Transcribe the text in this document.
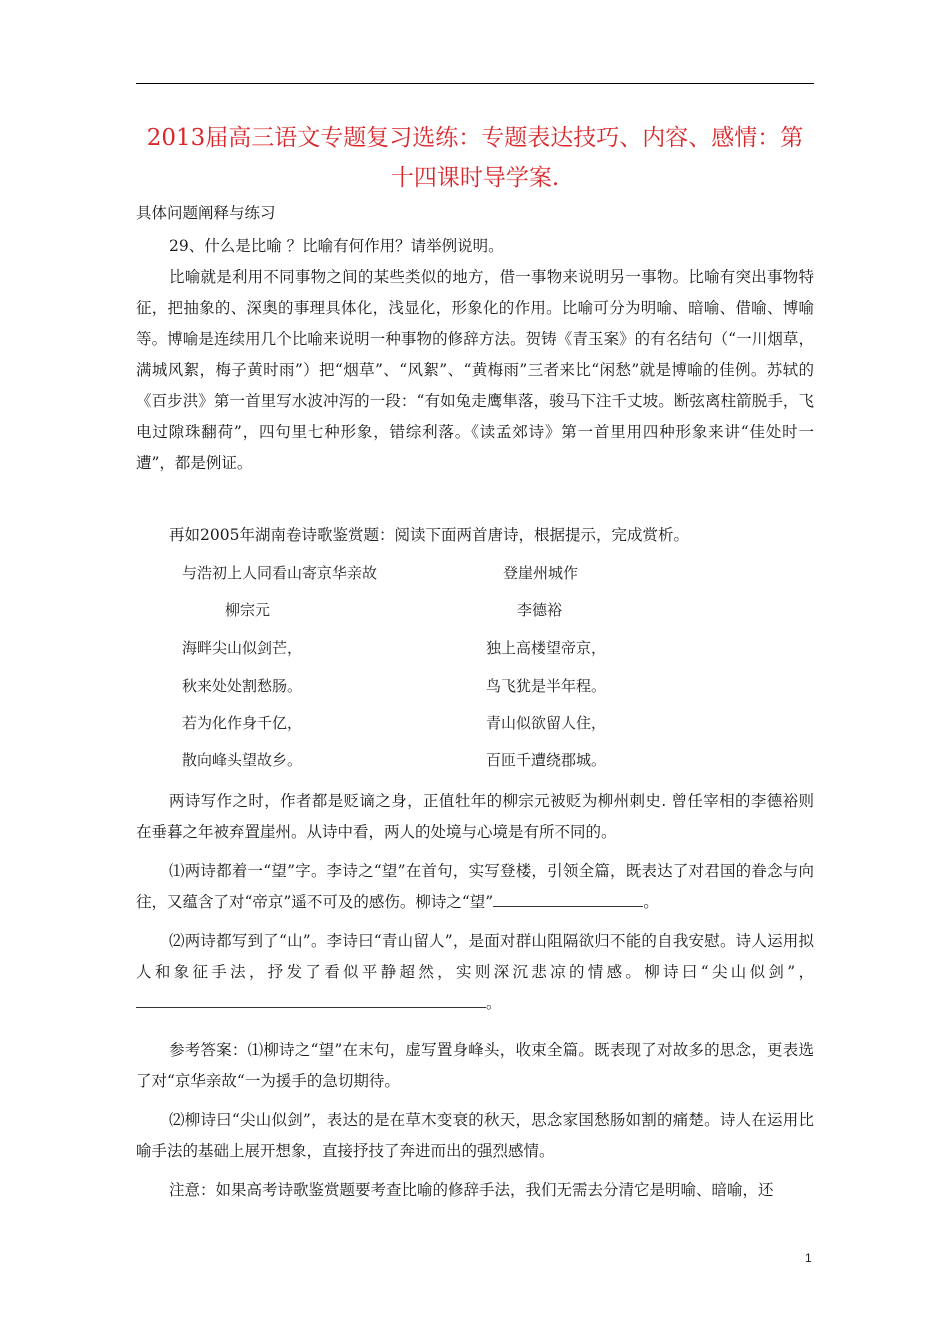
2013届高三语文专题复习选练：专题表达技巧、内容、感情：第十四课时导学案.

具体问题阐释与练习

29、什么是比喻 ？比喻有何作用？请举例说明。

比喻就是利用不同事物之间的某些类似的地方，借一事物来说明另一事物。比喻有突出事物特征，把抽象的、深奥的事理具体化，浅显化，形象化的作用。比喻可分为明喻、暗喻、借喻、博喻等。博喻是连续用几个比喻来说明一种事物的修辞方法。贺铸《青玉案》的有名结句（“一川烟草，满城风絮，梅子黄时雨”）把“烟草”、“风絮”、“黄梅雨”三者来比“闲愁”就是博喻的佳例。苏轼的《百步洪》第一首里写水波冲泻的一段：“有如兔走鹰隼落，骏马下注千丈坡。断弦离柱箭脱手，飞电过隙珠翻荷”，四句里七种形象，错综利落。《读孟郊诗》第一首里用四种形象来讲“佳处时一遭”，都是例证。

再如2005年湖南卷诗歌鉴赏题：阅读下面两首唐诗，根据提示，完成赏析。

与浩初上人同看山寄京华亲故
柳宗元
海畔尖山似剑芒，
秋来处处割愁肠。
若为化作身千亿，
散向峰头望故乡。
登崖州城作
李德裕
独上高楼望帝京，
鸟飞犹是半年程。
青山似欲留人住，
百匝千遭绕郡城。

两诗写作之时，作者都是贬谪之身，正值牡年的柳宗元被贬为柳州刺史. 曾任宰相的李德裕则在垂暮之年被弃置崖州。从诗中看，两人的处境与心境是有所不同的。

⑴两诗都着一“望”字。李诗之“望”在首句，实写登楼，引领全篇，既表达了对君国的眷念与向往，又蕴含了对“帝京”遥不可及的感伤。柳诗之“望”	。

⑵两诗都写到了“山”。李诗曰“青山留人”，是面对群山阻隔欲归不能的自我安慰。诗人运用拟人和象征手法，抒发了看似平静超然，实则深沉悲凉的情感。柳诗曰“尖山似剑”，。

参考答案：⑴柳诗之“望”在末句，虚写置身峰头，收束全篇。既表现了对故多的思念，更表选了对“京华亲故“一为援手的急切期待。

⑵柳诗曰“尖山似剑”，表达的是在草木变衰的秋天，思念家国愁肠如割的痛楚。诗人在运用比喻手法的基础上展开想象，直接抒技了奔进而出的强烈感情。

注意：如果高考诗歌鉴赏题要考查比喻的修辞手法，我们无需去分清它是明喻、暗喻，还

1
